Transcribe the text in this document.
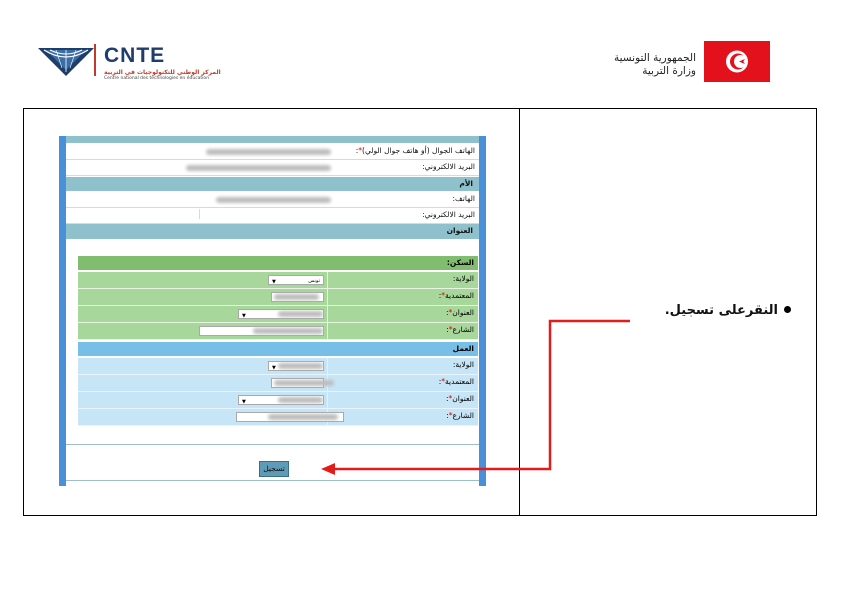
CNTE
المركز الوطني للتكنولوجيات في التربية
Centre national des technologies en éducation
الجمهورية التونسية
وزارة التربية
الهاتف الجوال (أو هاتف جوال الولي)*:
البريد الالكتروني:
الأم
الهاتف:
البريد الالكتروني:
العنوان
السكن:
الولاية:
تونس
▼
المعتمدية*:
العنوان*:
▼
الشارع*:
العمل
الولاية:
▼
المعتمدية*:
العنوان*:
▼
الشارع*:
تسجيل
النقرعلى تسجيل.
